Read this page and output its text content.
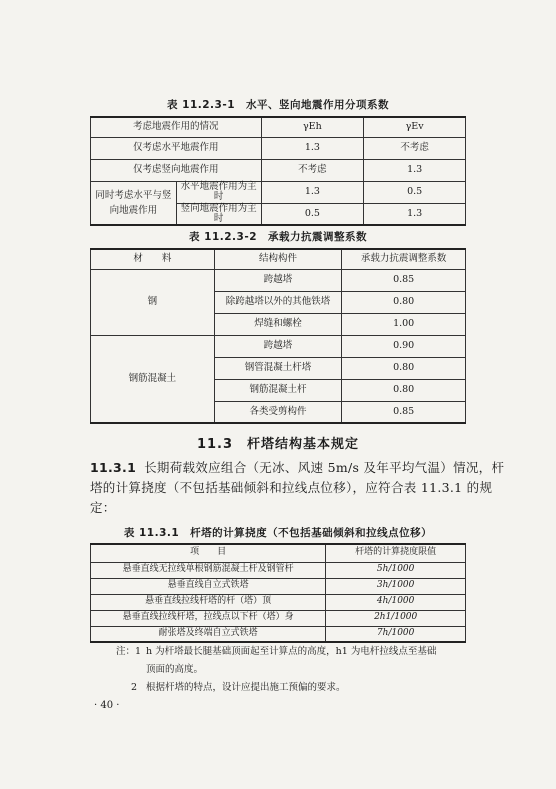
表 11.2.3-1　水平、竖向地震作用分项系数
考虑地震作用的情况		γEh	γEv
仅考虑水平地震作用		1.3	不考虑
仅考虑竖向地震作用		不考虑	1.3
同时考虑水平与竖向地震作用	水平地震作用为主时	1.3	0.5
	竖向地震作用为主时	0.5	1.3
表 11.2.3-2　承载力抗震调整系数
材　　料	结构构件	承载力抗震调整系数
钢	跨越塔	0.85
	除跨越塔以外的其他铁塔	0.80
	焊缝和螺栓	1.00
钢筋混凝土	跨越塔	0.90
	钢管混凝土杆塔	0.80
	钢筋混凝土杆	0.80
	各类受剪构件	0.85
11.3　杆塔结构基本规定
11.3.1 长期荷载效应组合（无冰、风速 5m/s 及年平均气温）情况，杆塔的计算挠度（不包括基础倾斜和拉线点位移），应符合表 11.3.1 的规定：
表 11.3.1　杆塔的计算挠度（不包括基础倾斜和拉线点位移）
项　　目	杆塔的计算挠度限值
悬垂直线无拉线单根钢筋混凝土杆及钢管杆	5h/1000
悬垂直线自立式铁塔	3h/1000
悬垂直线拉线杆塔的杆（塔）顶	4h/1000
悬垂直线拉线杆塔，拉线点以下杆（塔）身	2h1/1000
耐张塔及终端自立式铁塔	7h/1000
注：1 h 为杆塔最长腿基础顶面起至计算点的高度，h1 为电杆拉线点至基础
顶面的高度。
2 根据杆塔的特点，设计应提出施工预偏的要求。
· 40 ·
